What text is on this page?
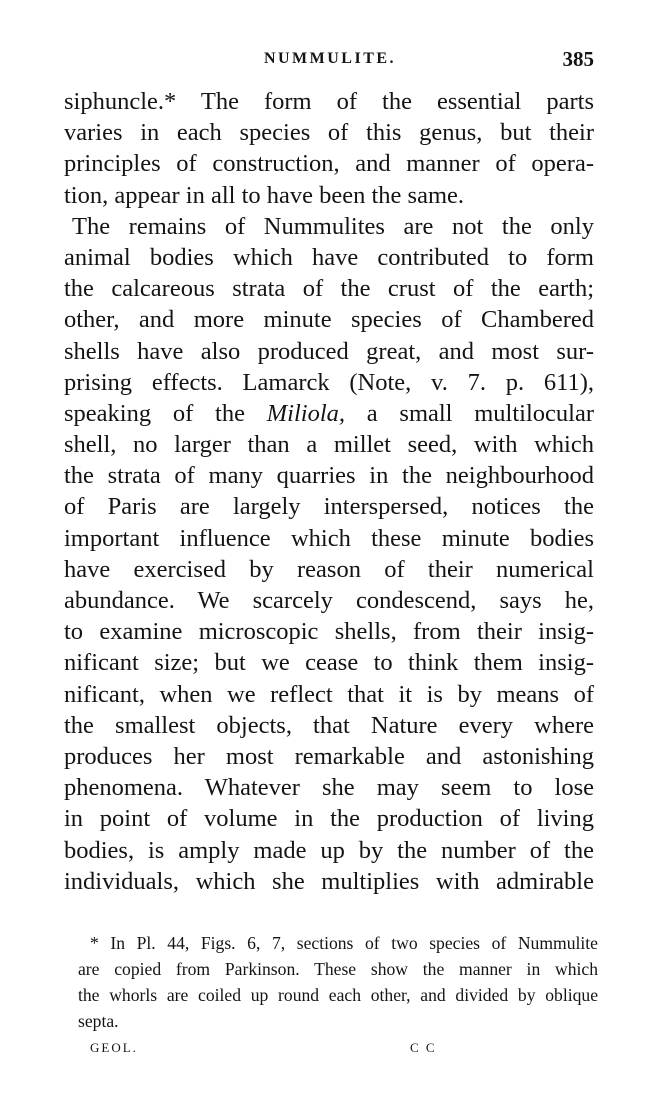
NUMMULITE.	385
siphuncle.* The form of the essential parts
varies in each species of this genus, but their
principles of construction, and manner of opera-
tion, appear in all to have been the same.
The remains of Nummulites are not the only
animal bodies which have contributed to form
the calcareous strata of the crust of the earth;
other, and more minute species of Chambered
shells have also produced great, and most sur-
prising effects. Lamarck (Note, v. 7. p. 611),
speaking of the Miliola, a small multilocular
shell, no larger than a millet seed, with which
the strata of many quarries in the neighbourhood
of Paris are largely interspersed, notices the
important influence which these minute bodies
have exercised by reason of their numerical
abundance. We scarcely condescend, says he,
to examine microscopic shells, from their insig-
nificant size; but we cease to think them insig-
nificant, when we reflect that it is by means of
the smallest objects, that Nature every where
produces her most remarkable and astonishing
phenomena. Whatever she may seem to lose
in point of volume in the production of living
bodies, is amply made up by the number of the
individuals, which she multiplies with admirable
* In Pl. 44, Figs. 6, 7, sections of two species of Nummulite
are copied from Parkinson. These show the manner in which
the whorls are coiled up round each other, and divided by oblique
septa.
GEOL.	C C
